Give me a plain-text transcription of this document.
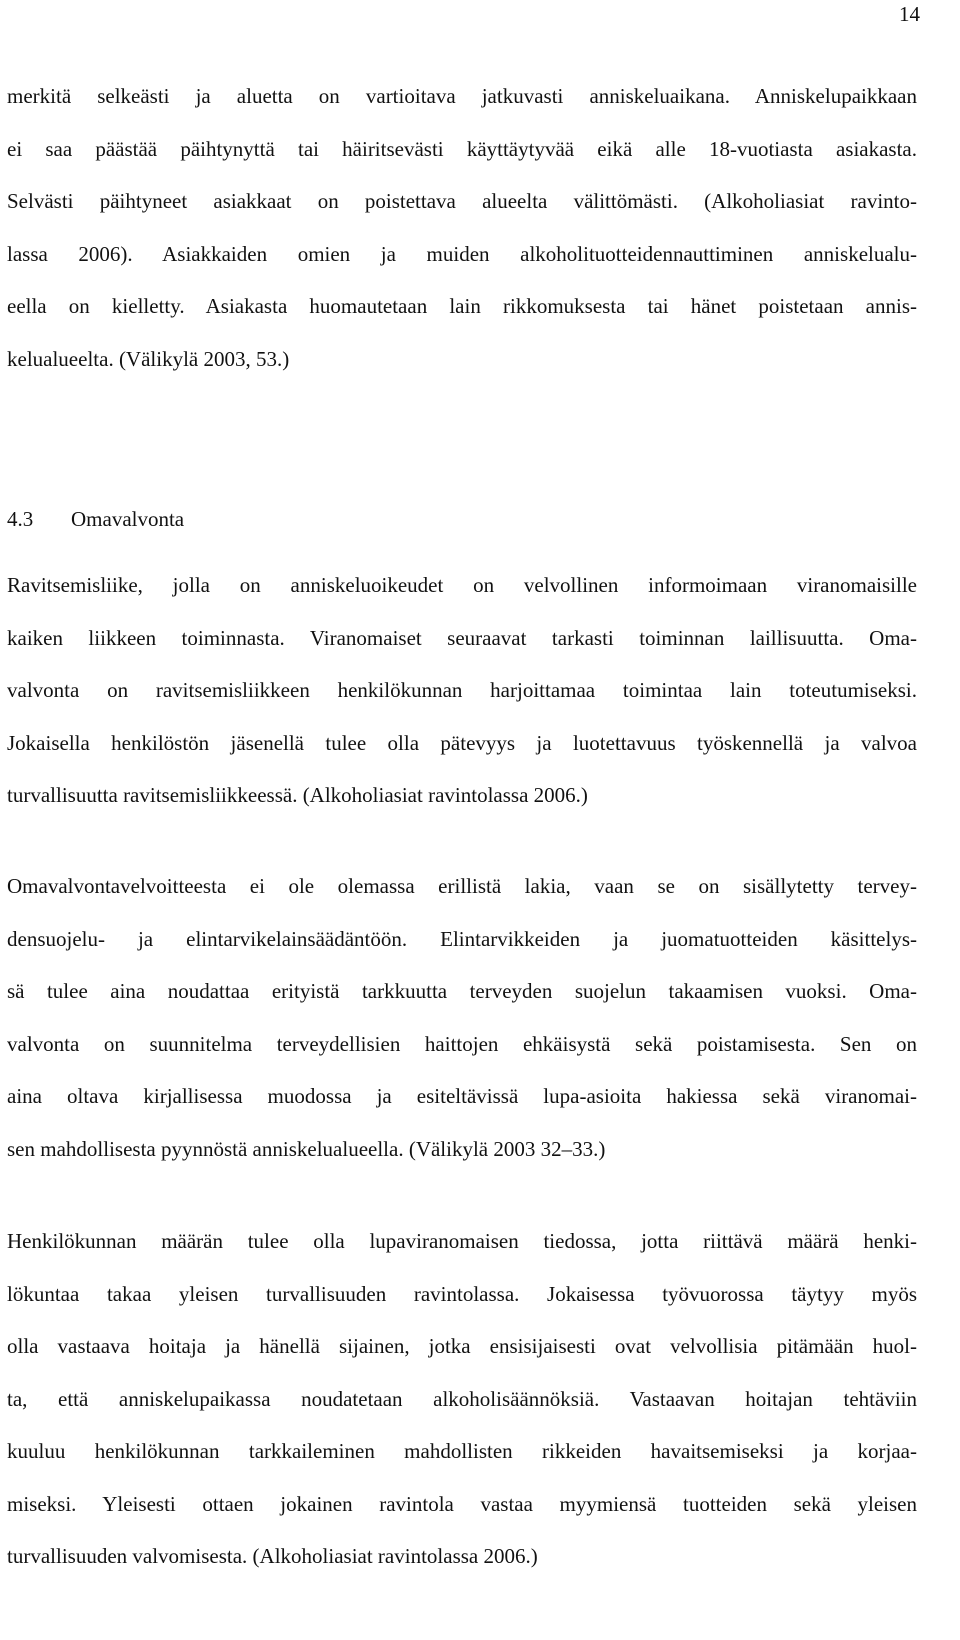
14
merkitä selkeästi ja aluetta on vartioitava jatkuvasti anniskeluaikana. Anniskelupaikkaan
ei saa päästää päihtynyttä tai häiritsevästi käyttäytyvää eikä alle 18-vuotiasta asiakasta.
Selvästi päihtyneet asiakkaat on poistettava alueelta välittömästi. (Alkoholiasiat ravinto-
lassa 2006). Asiakkaiden omien ja muiden alkoholituotteidennauttiminen anniskelualu-
eella on kielletty. Asiakasta huomautetaan lain rikkomuksesta tai hänet poistetaan annis-
kelualueelta. (Välikylä 2003, 53.)
4.3 Omavalvonta
Ravitsemisliike, jolla on anniskeluoikeudet on velvollinen informoimaan viranomaisille
kaiken liikkeen toiminnasta. Viranomaiset seuraavat tarkasti toiminnan laillisuutta. Oma-
valvonta on ravitsemisliikkeen henkilökunnan harjoittamaa toimintaa lain toteutumiseksi.
Jokaisella henkilöstön jäsenellä tulee olla pätevyys ja luotettavuus työskennellä ja valvoa
turvallisuutta ravitsemisliikkeessä. (Alkoholiasiat ravintolassa 2006.)
Omavalvontavelvoitteesta ei ole olemassa erillistä lakia, vaan se on sisällytetty tervey-
densuojelu- ja elintarvikelainsäädäntöön. Elintarvikkeiden ja juomatuotteiden käsittelys-
sä tulee aina noudattaa erityistä tarkkuutta terveyden suojelun takaamisen vuoksi. Oma-
valvonta on suunnitelma terveydellisien haittojen ehkäisystä sekä poistamisesta. Sen on
aina oltava kirjallisessa muodossa ja esiteltävissä lupa-asioita hakiessa sekä viranomai-
sen mahdollisesta pyynnöstä anniskelualueella. (Välikylä 2003 32–33.)
Henkilökunnan määrän tulee olla lupaviranomaisen tiedossa, jotta riittävä määrä henki-
lökuntaa takaa yleisen turvallisuuden ravintolassa. Jokaisessa työvuorossa täytyy myös
olla vastaava hoitaja ja hänellä sijainen, jotka ensisijaisesti ovat velvollisia pitämään huol-
ta, että anniskelupaikassa noudatetaan alkoholisäännöksiä. Vastaavan hoitajan tehtäviin
kuuluu henkilökunnan tarkkaileminen mahdollisten rikkeiden havaitsemiseksi ja korjaa-
miseksi. Yleisesti ottaen jokainen ravintola vastaa myymiensä tuotteiden sekä yleisen
turvallisuuden valvomisesta. (Alkoholiasiat ravintolassa 2006.)
